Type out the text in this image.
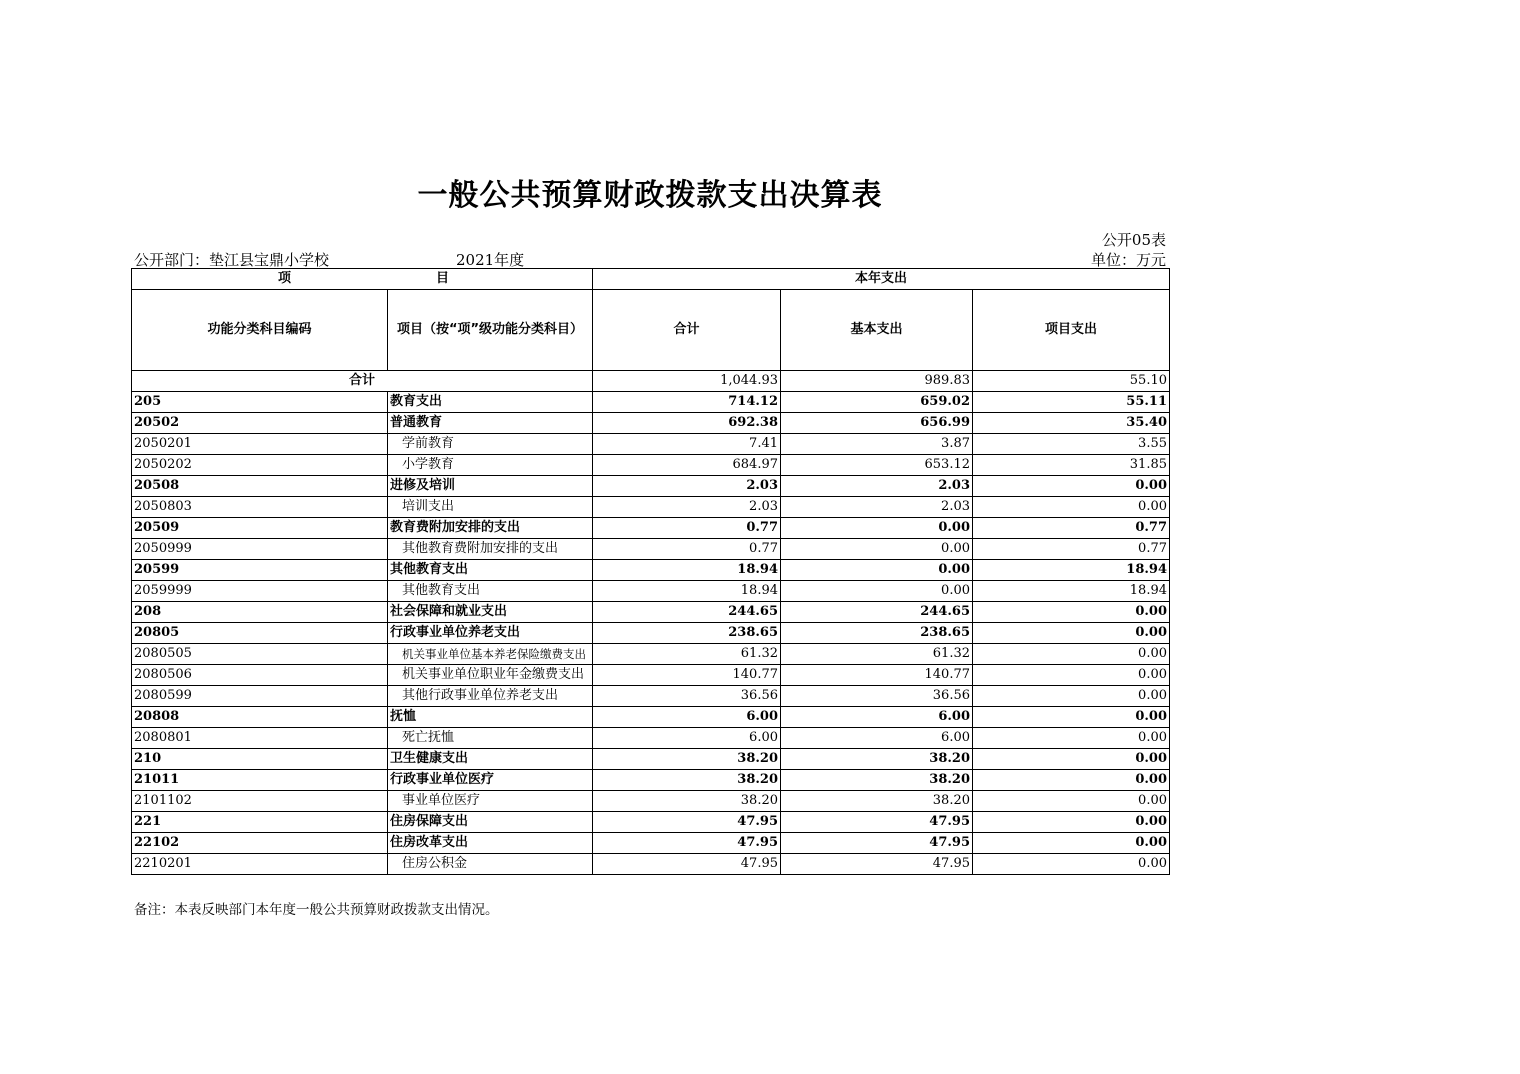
一般公共预算财政拨款支出决算表
公开05表
公开部门：垫江县宝鼎小学校	2021年度	单位：万元
项 目		本年支出		
功能分类科目编码	项目（按“项”级功能分类科目）	合计	基本支出	项目支出
合计		1,044.93	989.83	55.10
205	教育支出	714.12	659.02	55.11
20502	普通教育	692.38	656.99	35.40
2050201	学前教育	7.41	3.87	3.55
2050202	小学教育	684.97	653.12	31.85
20508	进修及培训	2.03	2.03	0.00
2050803	培训支出	2.03	2.03	0.00
20509	教育费附加安排的支出	0.77	0.00	0.77
2050999	其他教育费附加安排的支出	0.77	0.00	0.77
20599	其他教育支出	18.94	0.00	18.94
2059999	其他教育支出	18.94	0.00	18.94
208	社会保障和就业支出	244.65	244.65	0.00
20805	行政事业单位养老支出	238.65	238.65	0.00
2080505	机关事业单位基本养老保险缴费支出	61.32	61.32	0.00
2080506	机关事业单位职业年金缴费支出	140.77	140.77	0.00
2080599	其他行政事业单位养老支出	36.56	36.56	0.00
20808	抚恤	6.00	6.00	0.00
2080801	死亡抚恤	6.00	6.00	0.00
210	卫生健康支出	38.20	38.20	0.00
21011	行政事业单位医疗	38.20	38.20	0.00
2101102	事业单位医疗	38.20	38.20	0.00
221	住房保障支出	47.95	47.95	0.00
22102	住房改革支出	47.95	47.95	0.00
2210201	住房公积金	47.95	47.95	0.00
备注：本表反映部门本年度一般公共预算财政拨款支出情况。
